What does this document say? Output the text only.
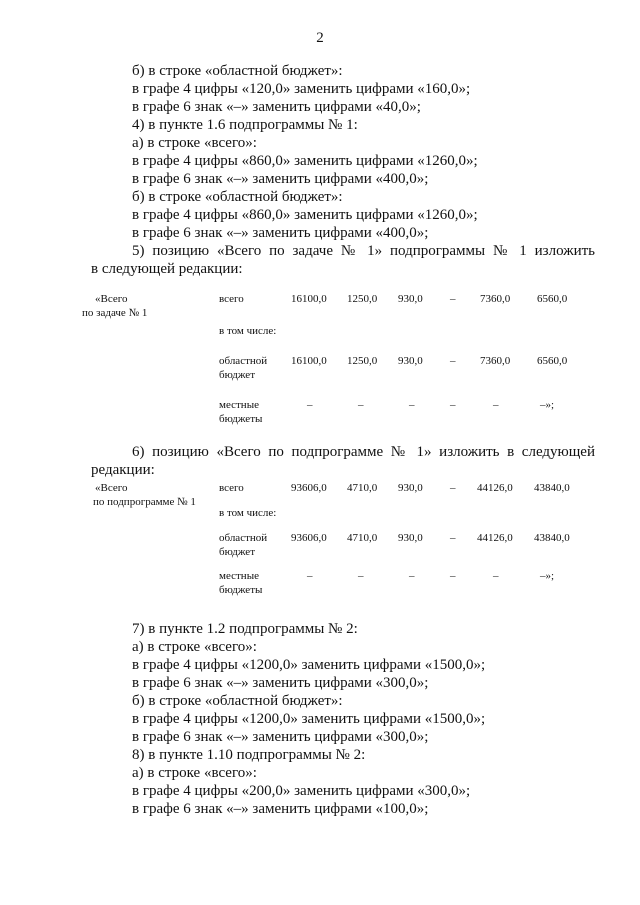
2
б) в строке «областной бюджет»:
в графе 4 цифры «120,0» заменить цифрами «160,0»;
в графе 6 знак «–» заменить цифрами «40,0»;
4) в пункте 1.6 подпрограммы № 1:
а) в строке «всего»:
в графе 4 цифры «860,0» заменить цифрами «1260,0»;
в графе 6 знак «–» заменить цифрами «400,0»;
б) в строке «областной бюджет»:
в графе 4 цифры «860,0» заменить цифрами «1260,0»;
в графе 6 знак «–» заменить цифрами «400,0»;
5) позицию «Всего по задаче № 1» подпрограммы № 1 изложить
в следующей редакции:
«Всего
по задаче № 1
всего	16100,0 1250,0 930,0 – 7360,0 6560,0
в том числе:
областной бюджет
16100,0 1250,0 930,0 – 7360,0 6560,0
местные бюджеты
–	–	–	–	–	–»;
6) позицию «Всего по подпрограмме № 1» изложить в следующей
редакции:
«Всего
по подпрограмме № 1
всего	93606,0 4710,0 930,0 – 44126,0 43840,0
в том числе:
областной бюджет
93606,0 4710,0 930,0 – 44126,0 43840,0
местные бюджеты
–	–	–	–	–	–»;
7) в пункте 1.2 подпрограммы № 2:
а) в строке «всего»:
в графе 4 цифры «1200,0» заменить цифрами «1500,0»;
в графе 6 знак «–» заменить цифрами «300,0»;
б) в строке «областной бюджет»:
в графе 4 цифры «1200,0» заменить цифрами «1500,0»;
в графе 6 знак «–» заменить цифрами «300,0»;
8) в пункте 1.10 подпрограммы № 2:
а) в строке «всего»:
в графе 4 цифры «200,0» заменить цифрами «300,0»;
в графе 6 знак «–» заменить цифрами «100,0»;
